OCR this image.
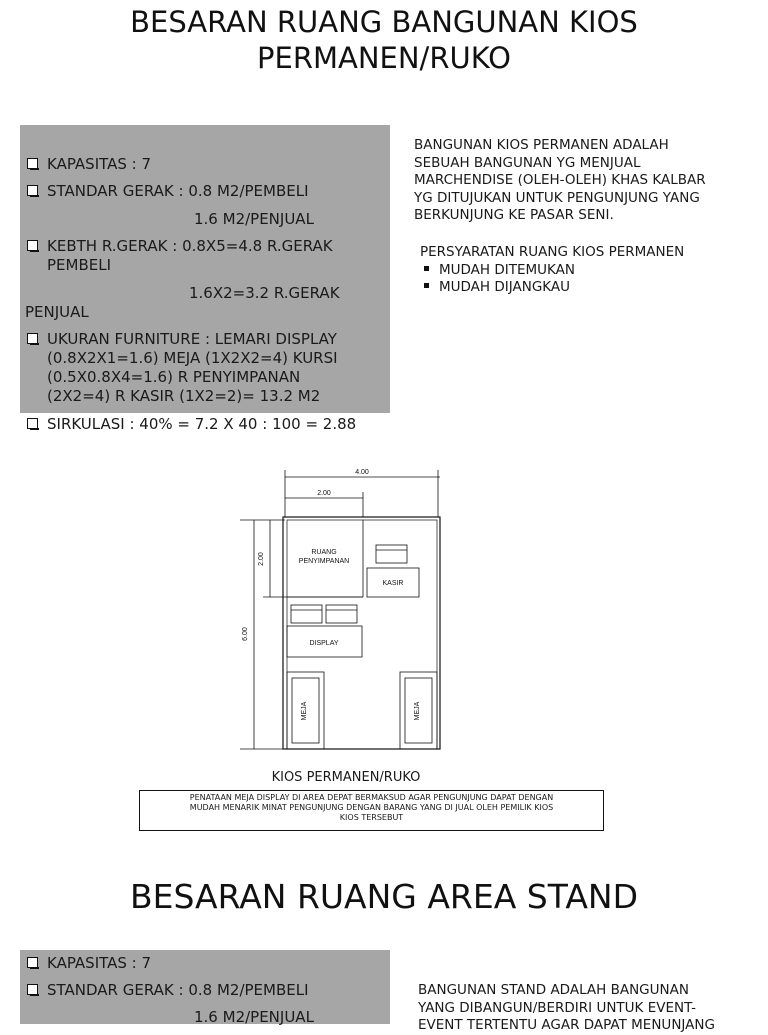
BESARAN RUANG BANGUNAN KIOS
PERMANEN/RUKO
KAPASITAS : 7
STANDAR GERAK : 0.8 M2/PEMBELI
1.6 M2/PENJUAL
KEBTH R.GERAK : 0.8X5=4.8 R.GERAK
PEMBELI
1.6X2=3.2 R.GERAK
PENJUAL
UKURAN FURNITURE : LEMARI DISPLAY
(0.8X2X1=1.6) MEJA (1X2X2=4) KURSI
(0.5X0.8X4=1.6) R PENYIMPANAN
(2X2=4) R KASIR (1X2=2)= 13.2 M2
SIRKULASI : 40% = 7.2 X 40 : 100 = 2.88
BANGUNAN KIOS PERMANEN ADALAH
SEBUAH BANGUNAN YG MENJUAL
MARCHENDISE (OLEH-OLEH) KHAS KALBAR
YG DITUJUKAN UNTUK PENGUNJUNG YANG
BERKUNJUNG KE PASAR SENI.
PERSYARATAN RUANG KIOS PERMANEN
MUDAH DITEMUKAN
MUDAH DIJANGKAU
4.00
2.00
2.00
6.00
RUANG
PENYIMPANAN
KASIR
DISPLAY
MEJA	MEJA
KIOS PERMANEN/RUKO
PENATAAN MEJA DISPLAY DI AREA DEPAT BERMAKSUD AGAR PENGUNJUNG DAPAT DENGAN
MUDAH MENARIK MINAT PENGUNJUNG DENGAN BARANG YANG DI JUAL OLEH PEMILIK KIOS
KIOS TERSEBUT
BESARAN RUANG AREA STAND
KAPASITAS : 7
STANDAR GERAK : 0.8 M2/PEMBELI
1.6 M2/PENJUAL
BANGUNAN STAND ADALAH BANGUNAN
YANG DIBANGUN/BERDIRI UNTUK EVENT-
EVENT TERTENTU AGAR DAPAT MENUNJANG
